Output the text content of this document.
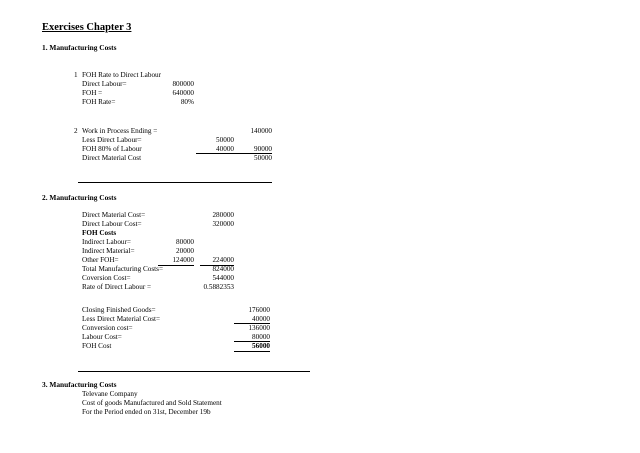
Exercises Chapter 3
1. Manufacturing Costs
1 FOH Rate to Direct Labour
Direct Labour=	800000
FOH =	640000
FOH Rate=	80%
2 Work in Process Ending =	140000
Less Direct Labour=	50000
FOH 80% of Labour	40000	90000
Direct Material Cost	50000
2. Manufacturing Costs
Direct Material Cost=	280000
Direct Labour Cost=	320000
FOH Costs
Indirect Labour=	80000
Indirect Material=	20000
Other FOH=	124000	224000
Total Manufacturing Costs=	824000
Coversion Cost=	544000
Rate of Direct Labour =	0.5882353
Closing Finished Goods=	176000
Less Direct Material Cost=	40000
Conversion cost=	136000
Labour Cost=	80000
FOH Cost	56000
3. Manufacturing Costs
Televane Company
Cost of goods Manufactured and Sold Statement
For the Period ended on 31st, December 19b
